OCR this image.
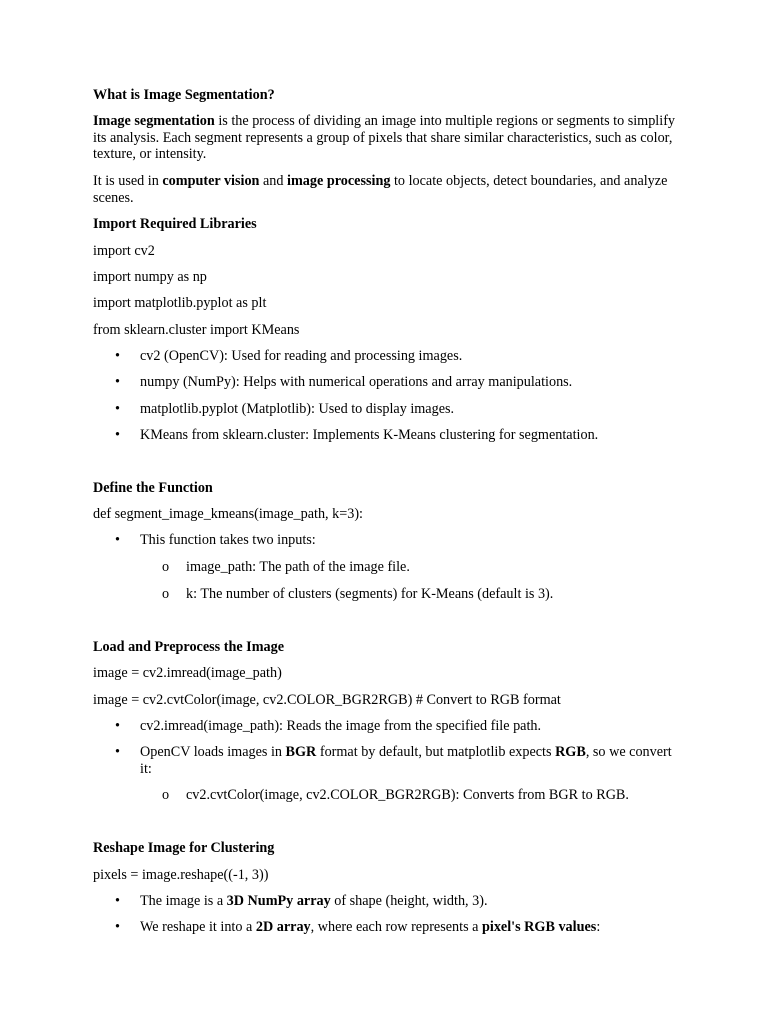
What is Image Segmentation?

Image segmentation is the process of dividing an image into multiple regions or segments to simplify its analysis. Each segment represents a group of pixels that share similar characteristics, such as color, texture, or intensity.

It is used in computer vision and image processing to locate objects, detect boundaries, and analyze scenes.

Import Required Libraries

import cv2

import numpy as np

import matplotlib.pyplot as plt

from sklearn.cluster import KMeans

• cv2 (OpenCV): Used for reading and processing images.

• numpy (NumPy): Helps with numerical operations and array manipulations.

• matplotlib.pyplot (Matplotlib): Used to display images.

• KMeans from sklearn.cluster: Implements K-Means clustering for segmentation.

Define the Function

def segment_image_kmeans(image_path, k=3):

• This function takes two inputs:

o image_path: The path of the image file.

o k: The number of clusters (segments) for K-Means (default is 3).

Load and Preprocess the Image

image = cv2.imread(image_path)

image = cv2.cvtColor(image, cv2.COLOR_BGR2RGB) # Convert to RGB format

• cv2.imread(image_path): Reads the image from the specified file path.

• OpenCV loads images in BGR format by default, but matplotlib expects RGB, so we convert it:

o cv2.cvtColor(image, cv2.COLOR_BGR2RGB): Converts from BGR to RGB.

Reshape Image for Clustering

pixels = image.reshape((-1, 3))

• The image is a 3D NumPy array of shape (height, width, 3).

• We reshape it into a 2D array, where each row represents a pixel's RGB values:
